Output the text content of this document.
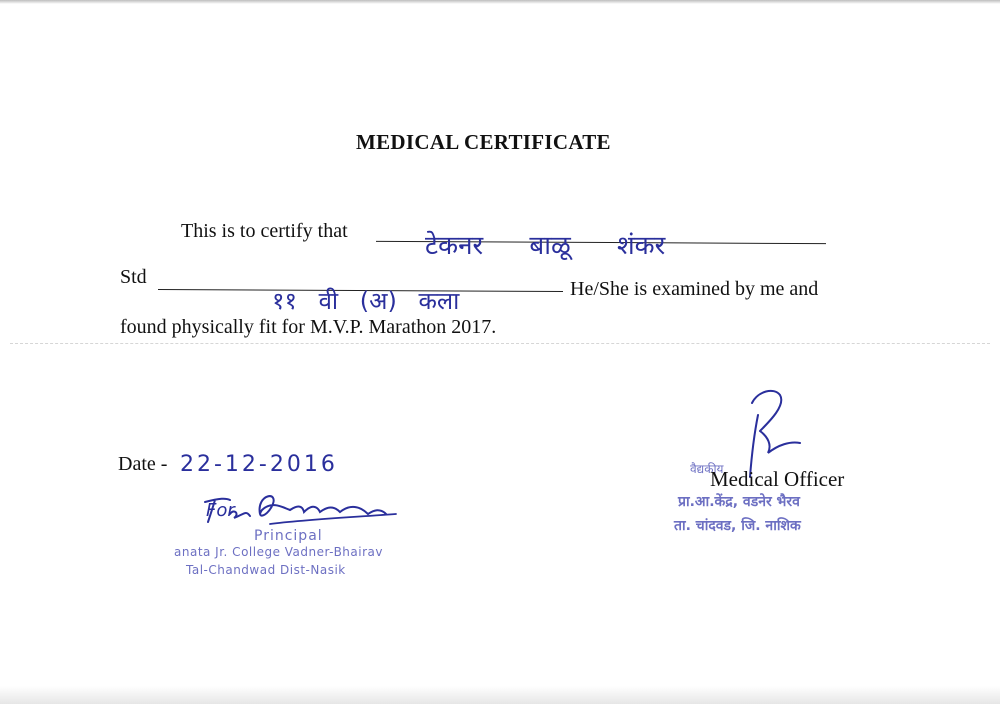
MEDICAL CERTIFICATE
This is to certify that	टेकनर बाळू शंकर
Std
११ वी (अ) कला	He/She is examined by me and
found physically fit for M.V.P. Marathon 2017.
Date - 22-12-2016
For
Principal
anata Jr. College Vadner-Bhairav
Tal-Chandwad Dist-Nasik
वैद्यकीय
प्रा.आ.केंद्र, वडनेर भैरव
ता. चांदवड, जि. नाशिक
Medical Officer
